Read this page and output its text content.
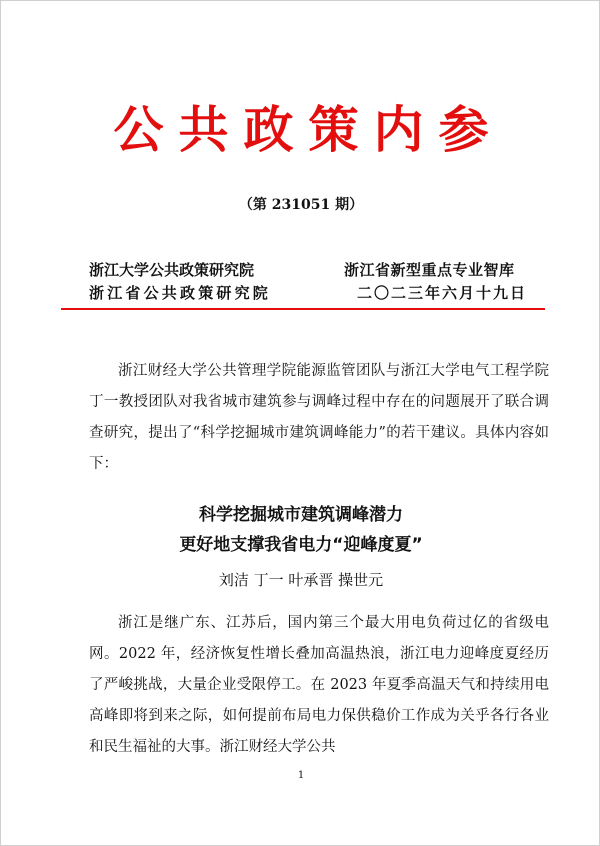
公共政策内参
（第 231051 期）
浙江大学公共政策研究院	浙江省新型重点专业智库
浙江省公共政策研究院	二〇二三年六月十九日

浙江财经大学公共管理学院能源监管团队与浙江大学电气工程学院丁一教授团队对我省城市建筑参与调峰过程中存在的问题展开了联合调查研究，提出了“科学挖掘城市建筑调峰能力”的若干建议。具体内容如下：

科学挖掘城市建筑调峰潜力
更好地支撑我省电力“迎峰度夏”
刘洁 丁一 叶承晋 操世元

浙江是继广东、江苏后，国内第三个最大用电负荷过亿的省级电网。2022 年，经济恢复性增长叠加高温热浪，浙江电力迎峰度夏经历了严峻挑战，大量企业受限停工。在 2023 年夏季高温天气和持续用电高峰即将到来之际，如何提前布局电力保供稳价工作成为关乎各行各业和民生福祉的大事。浙江财经大学公共

1
